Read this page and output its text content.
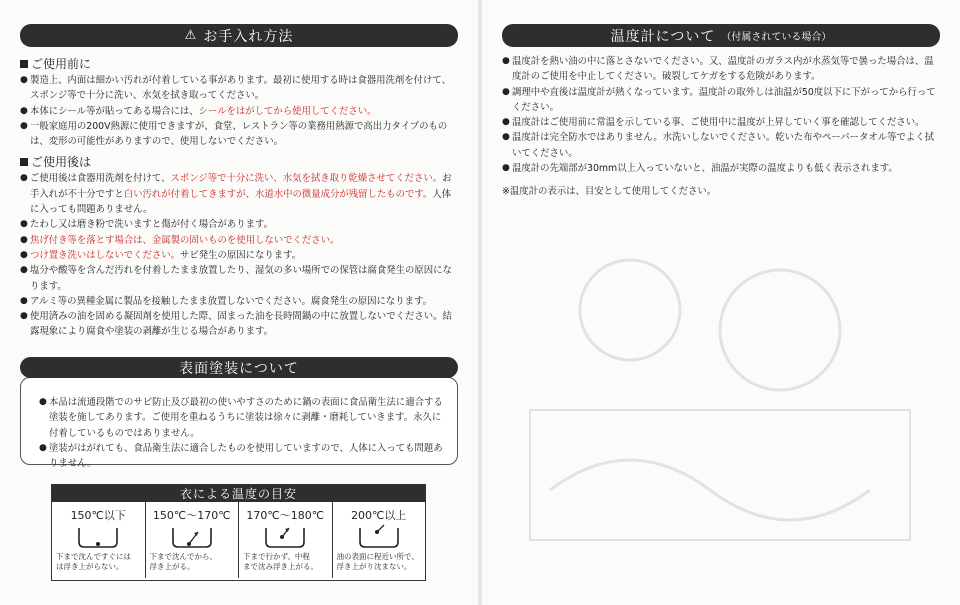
⚠ お手入れ方法
ご使用前に
● 製造上、内面は細かい汚れが付着している事があります。最初に使用する時は食器用洗剤を付けて、スポンジ等で十分に洗い、水気を拭き取ってください。
● 本体にシール等が貼ってある場合には、シールをはがしてから使用してください。
● 一般家庭用の200V熱源に使用できますが、食堂、レストラン等の業務用熱源で高出力タイプのものは、変形の可能性がありますので、使用しないでください。
ご使用後は
● ご使用後は食器用洗剤を付けて、スポンジ等で十分に洗い、水気を拭き取り乾燥させてください。お手入れが不十分ですと白い汚れが付着してきますが、水道水中の微量成分が残留したものです。人体に入っても問題ありません。
● たわし又は磨き粉で洗いますと傷が付く場合があります。
● 焦げ付き等を落とす場合は、金属製の固いものを使用しないでください。
● つけ置き洗いはしないでください。サビ発生の原因になります。
● 塩分や酸等を含んだ汚れを付着したまま放置したり、湿気の多い場所での保管は腐食発生の原因になります。
● アルミ等の異種金属に製品を接触したまま放置しないでください。腐食発生の原因になります。
● 使用済みの油を固める凝固剤を使用した際、固まった油を長時間鍋の中に放置しないでください。結露現象により腐食や塗装の剥離が生じる場合があります。
表面塗装について
● 本品は流通段階でのサビ防止及び最初の使いやすさのために鍋の表面に食品衛生法に適合する塗装を施してあります。ご使用を重ねるうちに塗装は徐々に剥離・磨耗していきます。永久に付着しているものではありません。
● 塗装がはがれても、食品衛生法に適合したものを使用していますので、人体に入っても問題ありません。
衣による温度の目安
150℃以下
下まで沈んですぐには
は浮き上がらない。
150℃〜170℃
下まで沈んでから、
浮き上がる。
170℃〜180℃
下まで行かず、中程
まで沈み浮き上がる。
200℃以上
油の表面に程近い所で、
浮き上がり沈まない。
温度計について （付属されている場合）
● 温度計を熱い油の中に落とさないでください。又、温度計のガラス内が水蒸気等で曇った場合は、温度計のご使用を中止してください。破裂してケガをする危険があります。
● 調理中や直後は温度計が熱くなっています。温度計の取外しは油温が50度以下に下がってから行ってください。
● 温度計はご使用前に常温を示している事、ご使用中に温度が上昇していく事を確認してください。
● 温度計は完全防水ではありません。水洗いしないでください。乾いた布やペーパータオル等でよく拭いてください。
● 温度計の先端部が30mm以上入っていないと、油温が実際の温度よりも低く表示されます。
※温度計の表示は、目安として使用してください。
